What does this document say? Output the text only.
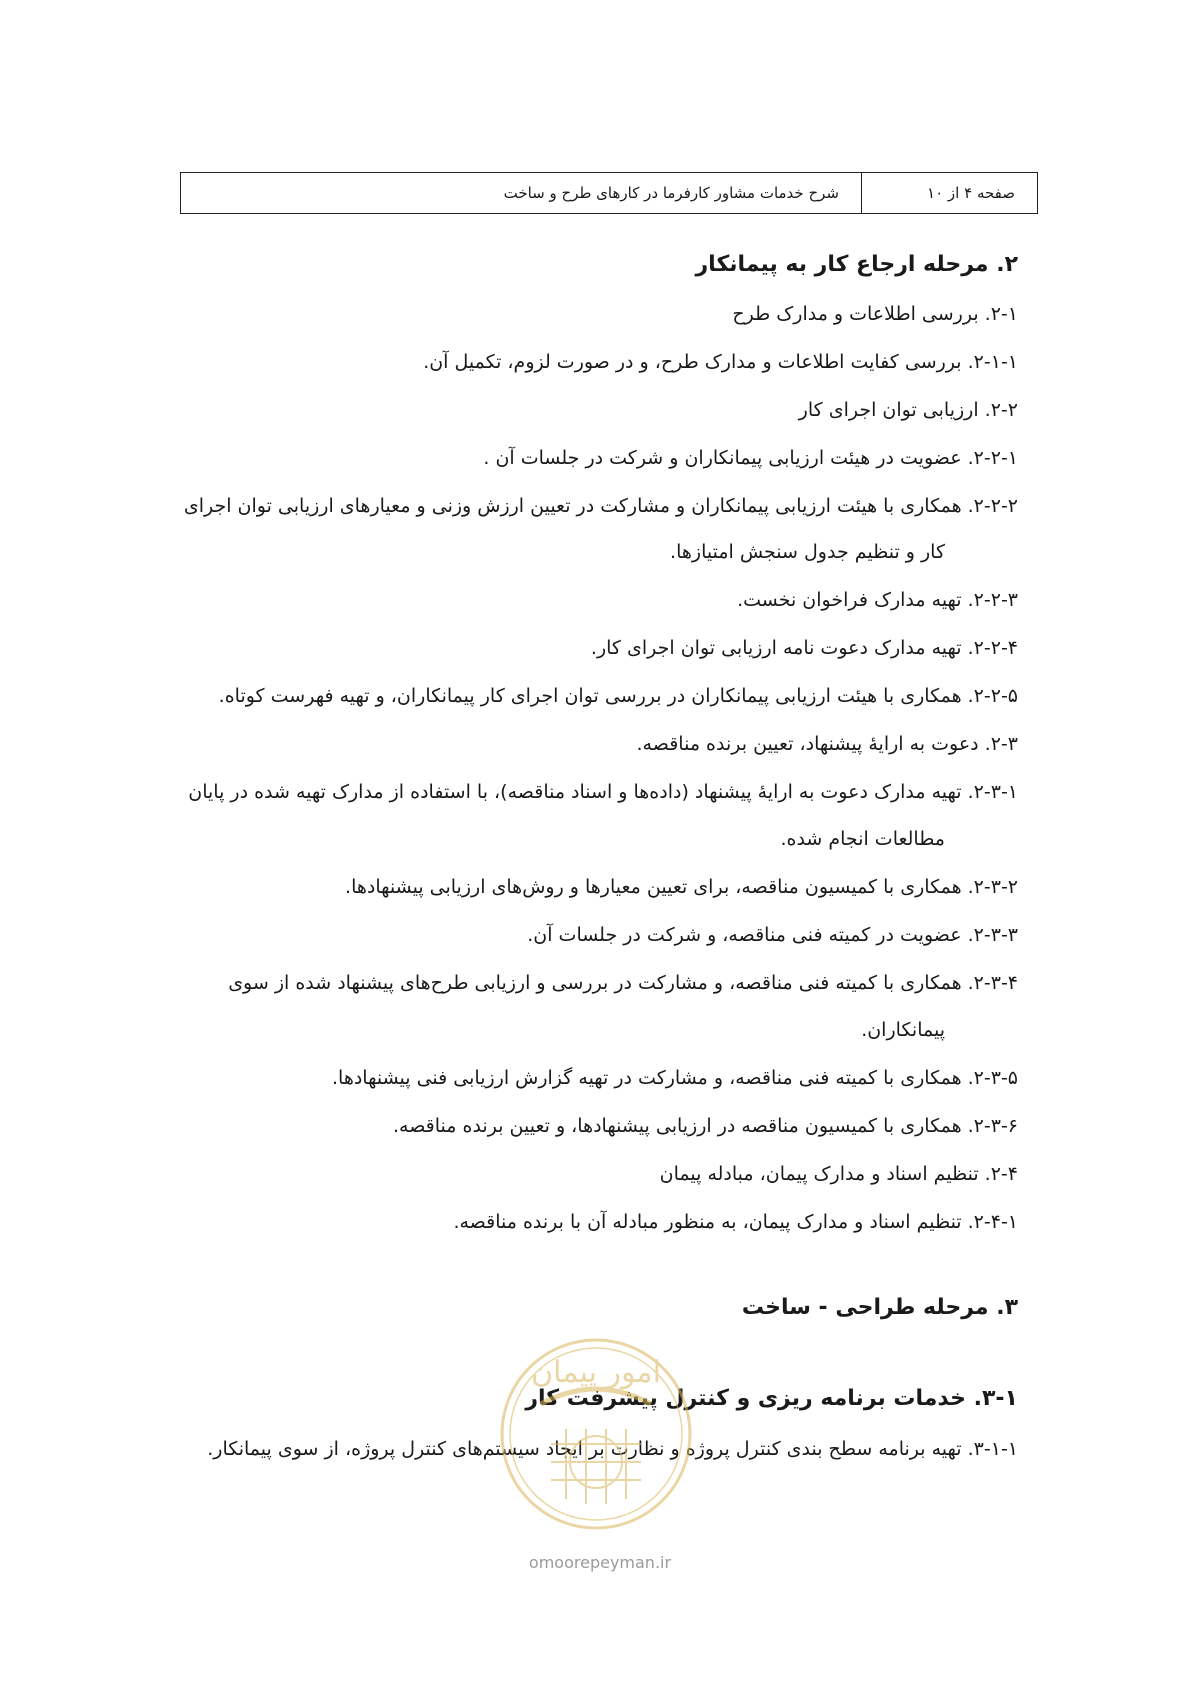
صفحه ۴ از ۱۰
شرح خدمات مشاور کارفرما در کارهای طرح و ساخت
۲. مرحله ارجاع کار به پیمانکار
۲-۱. بررسی اطلاعات و مدارک طرح
۲-۱-۱. بررسی کفایت اطلاعات و مدارک طرح، و در صورت لزوم، تکمیل آن.
۲-۲. ارزیابی توان اجرای کار
۲-۲-۱. عضویت در هیئت ارزیابی پیمانکاران و شرکت در جلسات آن .
۲-۲-۲. همکاری با هیئت ارزیابی پیمانکاران و مشارکت در تعیین ارزش وزنی و معیارهای ارزیابی توان اجرای
کار و تنظیم جدول سنجش امتیازها.
۲-۲-۳. تهیه مدارک فراخوان نخست.
۲-۲-۴. تهیه مدارک دعوت نامه ارزیابی توان اجرای کار.
۲-۲-۵. همکاری با هیئت ارزیابی پیمانکاران در بررسی توان اجرای کار پیمانکاران، و تهیه فهرست کوتاه.
۲-۳. دعوت به ارایهٔ پیشنهاد، تعیین برنده مناقصه.
۲-۳-۱. تهیه مدارک دعوت به ارایهٔ پیشنهاد (داده‌ها و اسناد مناقصه)، با استفاده از مدارک تهیه شده در پایان
مطالعات انجام شده.
۲-۳-۲. همکاری با کمیسیون مناقصه، برای تعیین معیارها و روش‌های ارزیابی پیشنهادها.
۲-۳-۳. عضویت در کمیته فنی مناقصه، و شرکت در جلسات آن.
۲-۳-۴. همکاری با کمیته فنی مناقصه، و مشارکت در بررسی و ارزیابی طرح‌های پیشنهاد شده از سوی
پیمانکاران.
۲-۳-۵. همکاری با کمیته فنی مناقصه، و مشارکت در تهیه گزارش ارزیابی فنی پیشنهادها.
۲-۳-۶. همکاری با کمیسیون مناقصه در ارزیابی پیشنهادها، و تعیین برنده مناقصه.
۲-۴. تنظیم اسناد و مدارک پیمان، مبادله پیمان
۲-۴-۱. تنظیم اسناد و مدارک پیمان، به منظور مبادله آن با برنده مناقصه.
۳. مرحله طراحی - ساخت
۳-۱. خدمات برنامه ریزی و کنترل پیشرفت کار
۳-۱-۱. تهیه برنامه سطح بندی کنترل پروژه و نظارت بر ایجاد سیستم‌های کنترل پروژه، از سوی پیمانکار.
امور پیمان
omoorepeyman.ir
